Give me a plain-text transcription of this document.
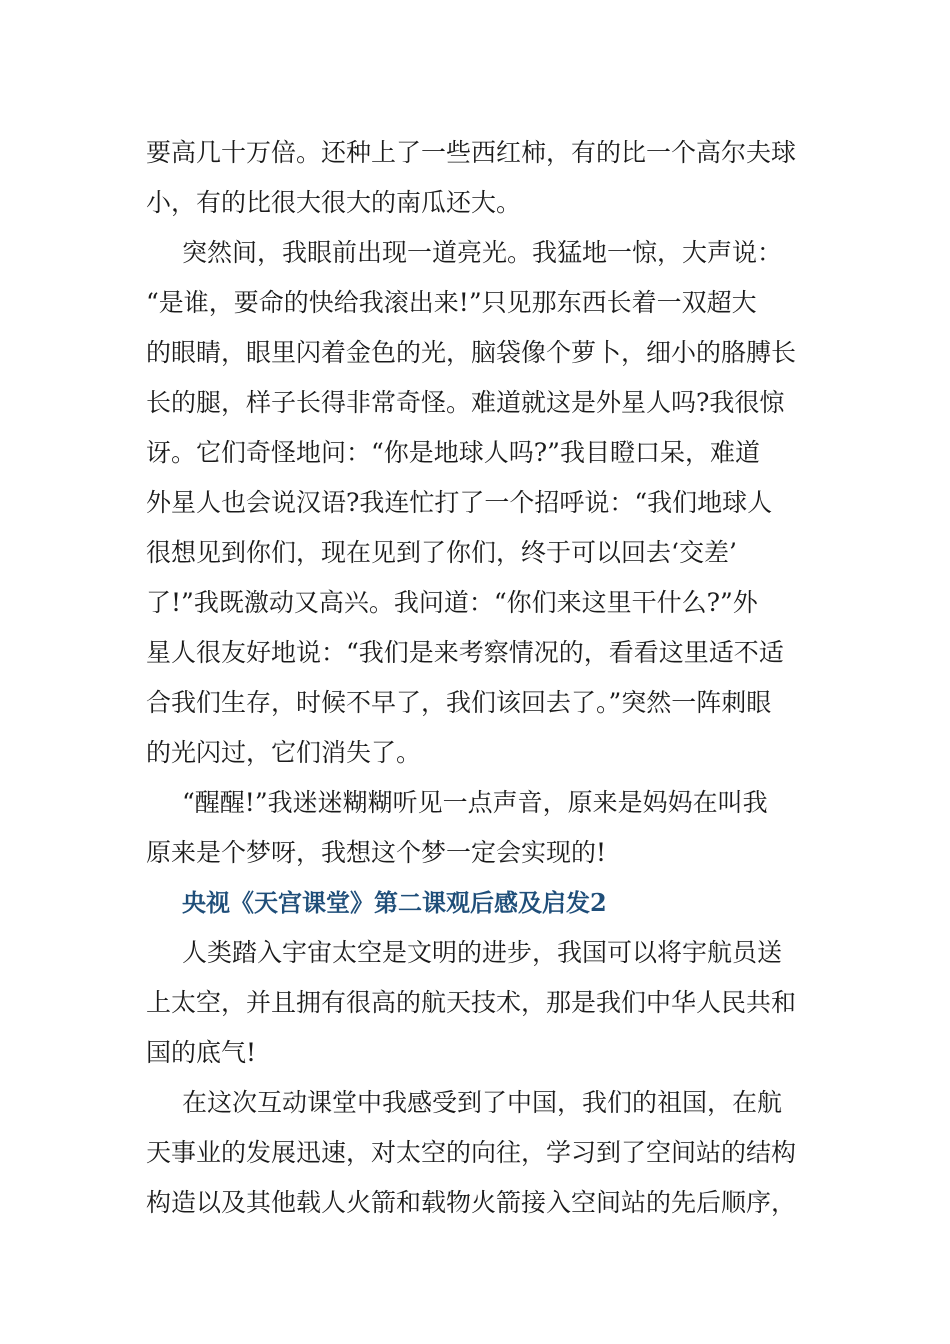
要高几十万倍。还种上了一些西红柿，有的比一个高尔夫球
小，有的比很大很大的南瓜还大。
突然间，我眼前出现一道亮光。我猛地一惊，大声说：
“是谁，要命的快给我滚出来!”只见那东西长着一双超大
的眼睛，眼里闪着金色的光，脑袋像个萝卜，细小的胳膊长
长的腿，样子长得非常奇怪。难道就这是外星人吗?我很惊
讶。它们奇怪地问：“你是地球人吗?”我目瞪口呆，难道
外星人也会说汉语?我连忙打了一个招呼说：“我们地球人
很想见到你们，现在见到了你们，终于可以回去‘交差’
了!”我既激动又高兴。我问道：“你们来这里干什么?”外
星人很友好地说：“我们是来考察情况的，看看这里适不适
合我们生存，时候不早了，我们该回去了。”突然一阵刺眼
的光闪过，它们消失了。
“醒醒!”我迷迷糊糊听见一点声音，原来是妈妈在叫我
原来是个梦呀，我想这个梦一定会实现的!
央视《天宫课堂》第二课观后感及启发2
人类踏入宇宙太空是文明的进步，我国可以将宇航员送
上太空，并且拥有很高的航天技术，那是我们中华人民共和
国的底气!
在这次互动课堂中我感受到了中国，我们的祖国，在航
天事业的发展迅速，对太空的向往，学习到了空间站的结构
构造以及其他载人火箭和载物火箭接入空间站的先后顺序，
